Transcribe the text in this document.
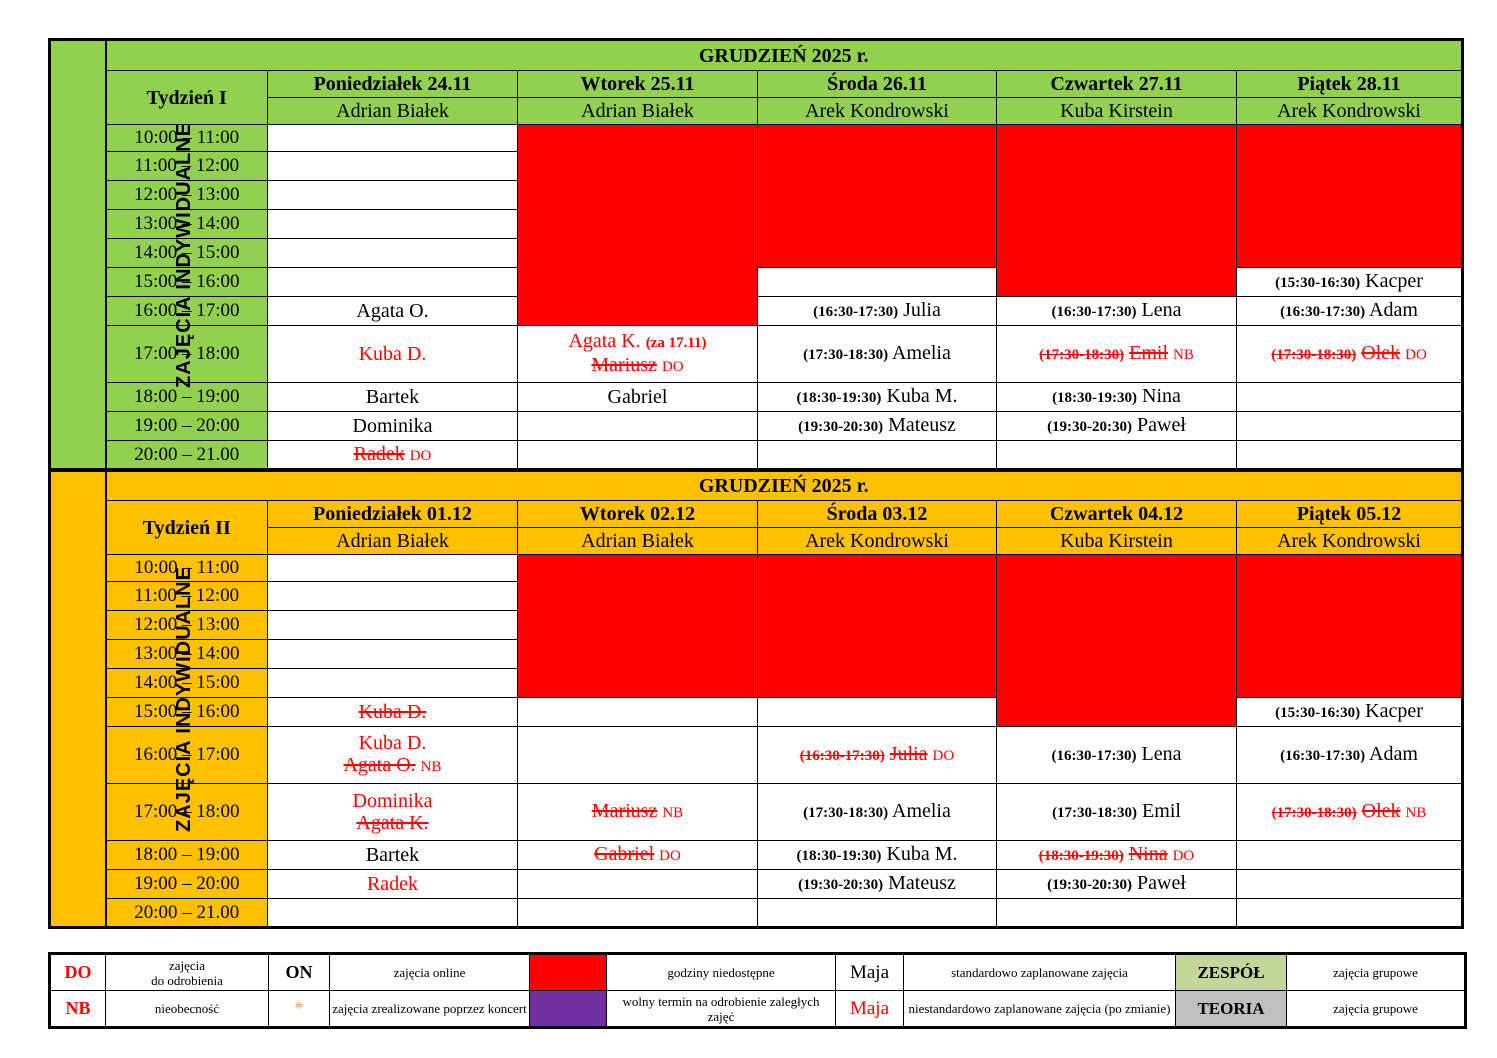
ZAJĘCIA INDYWIDUALNE	GRUDZIEŃ 2025 r.					
	Tydzień I	Poniedziałek 24.11	Wtorek 25.11	Środa 26.11	Czwartek 27.11	Piątek 28.11
		Adrian Białek	Adrian Białek	Arek Kondrowski	Kuba Kirstein	Arek Kondrowski
	10:00 – 11:00					
	11:00 – 12:00					
	12:00 – 13:00					
	13:00 – 14:00					
	14:00 – 15:00					
	15:00 – 16:00					(15:30-16:30) Kacper
	16:00 – 17:00	Agata O.		(16:30-17:30) Julia	(16:30-17:30) Lena	(16:30-17:30) Adam
	17:00 – 18:00	Kuba D.	Agata K. (za 17.11)
Mariusz DO	(17:30-18:30) Amelia	(17:30-18:30) Emil NB	(17:30-18:30) Olek DO
	18:00 – 19:00	Bartek	Gabriel	(18:30-19:30) Kuba M.	(18:30-19:30) Nina	
	19:00 – 20:00	Dominika		(19:30-20:30) Mateusz	(19:30-20:30) Paweł	
	20:00 – 21.00	Radek DO				
ZAJĘCIA INDYWIDUALNE	GRUDZIEŃ 2025 r.					
	Tydzień II	Poniedziałek 01.12	Wtorek 02.12	Środa 03.12	Czwartek 04.12	Piątek 05.12
		Adrian Białek	Adrian Białek	Arek Kondrowski	Kuba Kirstein	Arek Kondrowski
	10:00 – 11:00					
	11:00 – 12:00					
	12:00 – 13:00					
	13:00 – 14:00					
	14:00 – 15:00					
	15:00 – 16:00	Kuba D.				(15:30-16:30) Kacper
	16:00 – 17:00	Kuba D.
Agata O. NB		(16:30-17:30) Julia DO	(16:30-17:30) Lena	(16:30-17:30) Adam
	17:00 – 18:00	Dominika
Agata K.	Mariusz NB	(17:30-18:30) Amelia	(17:30-18:30) Emil	(17:30-18:30) Olek NB
	18:00 – 19:00	Bartek	Gabriel DO	(18:30-19:30) Kuba M.	(18:30-19:30) Nina DO	
	19:00 – 20:00	Radek		(19:30-20:30) Mateusz	(19:30-20:30) Paweł	
	20:00 – 21.00					
DO	zajęcia
do odrobienia	ON	zajęcia online		godziny niedostępne	Maja	standardowo zaplanowane zajęcia	ZESPÓŁ	zajęcia grupowe
NB	nieobecność	*	zajęcia zrealizowane poprzez koncert		wolny termin na odrobienie zaległych zajęć	Maja	niestandardowo zaplanowane zajęcia (po zmianie)	TEORIA	zajęcia grupowe
